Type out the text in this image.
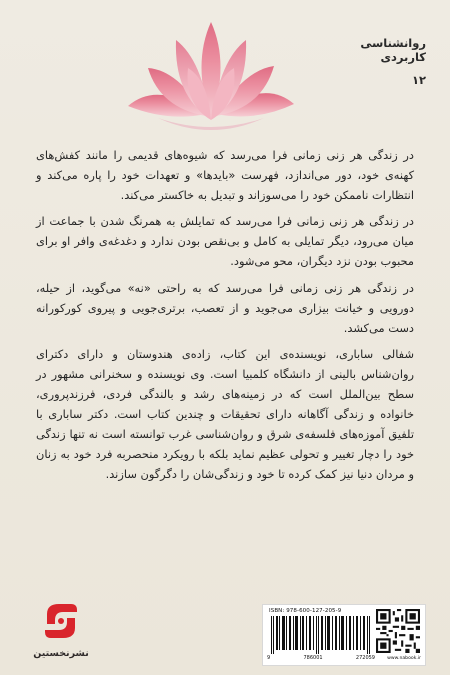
روانشناسی کاربردی
۱۲

در زندگی هر زنی زمانی فرا می‌رسد که شیوه‌های قدیمی را مانند کفش‌های کهنه‌ی خود، دور می‌اندازد، فهرست «بایدها» و تعهدات خود را پاره می‌کند و انتظارات ناممکن خود را می‌سوزاند و تبدیل به خاکستر می‌کند.

در زندگی هر زنی زمانی فرا می‌رسد که تمایلش به همرنگ شدن با جماعت از میان می‌رود، دیگر تمایلی به کامل و بی‌نقص بودن ندارد و دغدغه‌ی وافر او برای محبوب بودن نزد دیگران، محو می‌شود.

در زندگی هر زنی زمانی فرا می‌رسد که به راحتی «نه» می‌گوید، از حیله، دورویی و خیانت بیزاری می‌جوید و از تعصب، برتری‌جویی و پیروی کورکورانه دست می‌کشد.

شفالی ساباری، نویسنده‌ی این کتاب، زاده‌ی هندوستان و دارای دکترای روان‌شناس بالینی از دانشگاه کلمبیا است. وی نویسنده و سخنرانی مشهور در سطح بین‌الملل است که در زمینه‌های رشد و بالندگی فردی، فرزندپروری، خانواده و زندگی آگاهانه دارای تحقیقات و چندین کتاب است. دکتر ساباری با تلفیق آموزه‌های فلسفه‌ی شرق و روان‌شناسی غرب توانسته است نه تنها زندگی خود را دچار تغییر و تحولی عظیم نماید بلکه با رویکرد منحصربه فرد خود به زنان و مردان دنیا نیز کمک کرده تا خود و زندگی‌شان را دگرگون سازند.

نشرنخستین
ISBN: 978-600-127-205-9
9	786001	272059	www.nabook.ir
